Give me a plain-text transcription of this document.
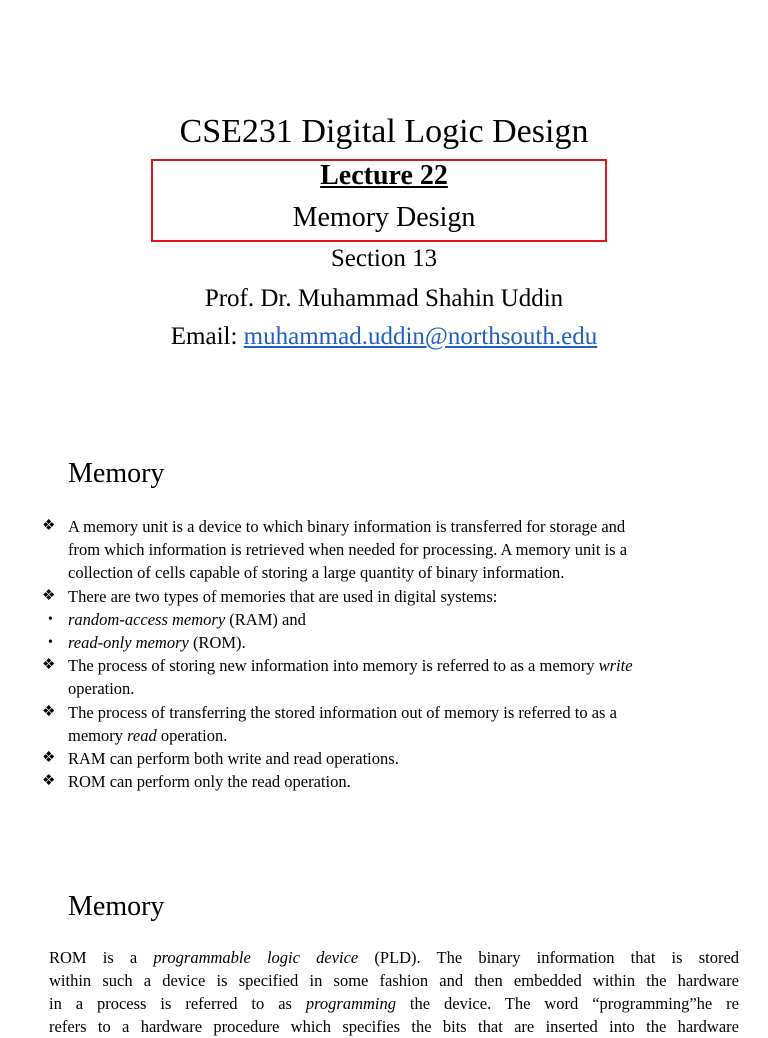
CSE231 Digital Logic Design
Lecture 22
Memory Design
Section 13
Prof. Dr. Muhammad Shahin Uddin
Email: muhammad.uddin@northsouth.edu
Memory
❖ A memory unit is a device to which binary information is transferred for storage and
from which information is retrieved when needed for processing. A memory unit is a
collection of cells capable of storing a large quantity of binary information.
❖ There are two types of memories that are used in digital systems:
• random-access memory (RAM) and
• read-only memory (ROM).
❖ The process of storing new information into memory is referred to as a memory write
operation.
❖ The process of transferring the stored information out of memory is referred to as a
memory read operation.
❖ RAM can perform both write and read operations.
❖ ROM can perform only the read operation.
Memory
ROM is a programmable logic device (PLD). The binary information that is stored
within such a device is specified in some fashion and then embedded within the hardware
in a process is referred to as programming the device. The word “programming”he re
refers to a hardware procedure which specifies the bits that are inserted into the hardware
